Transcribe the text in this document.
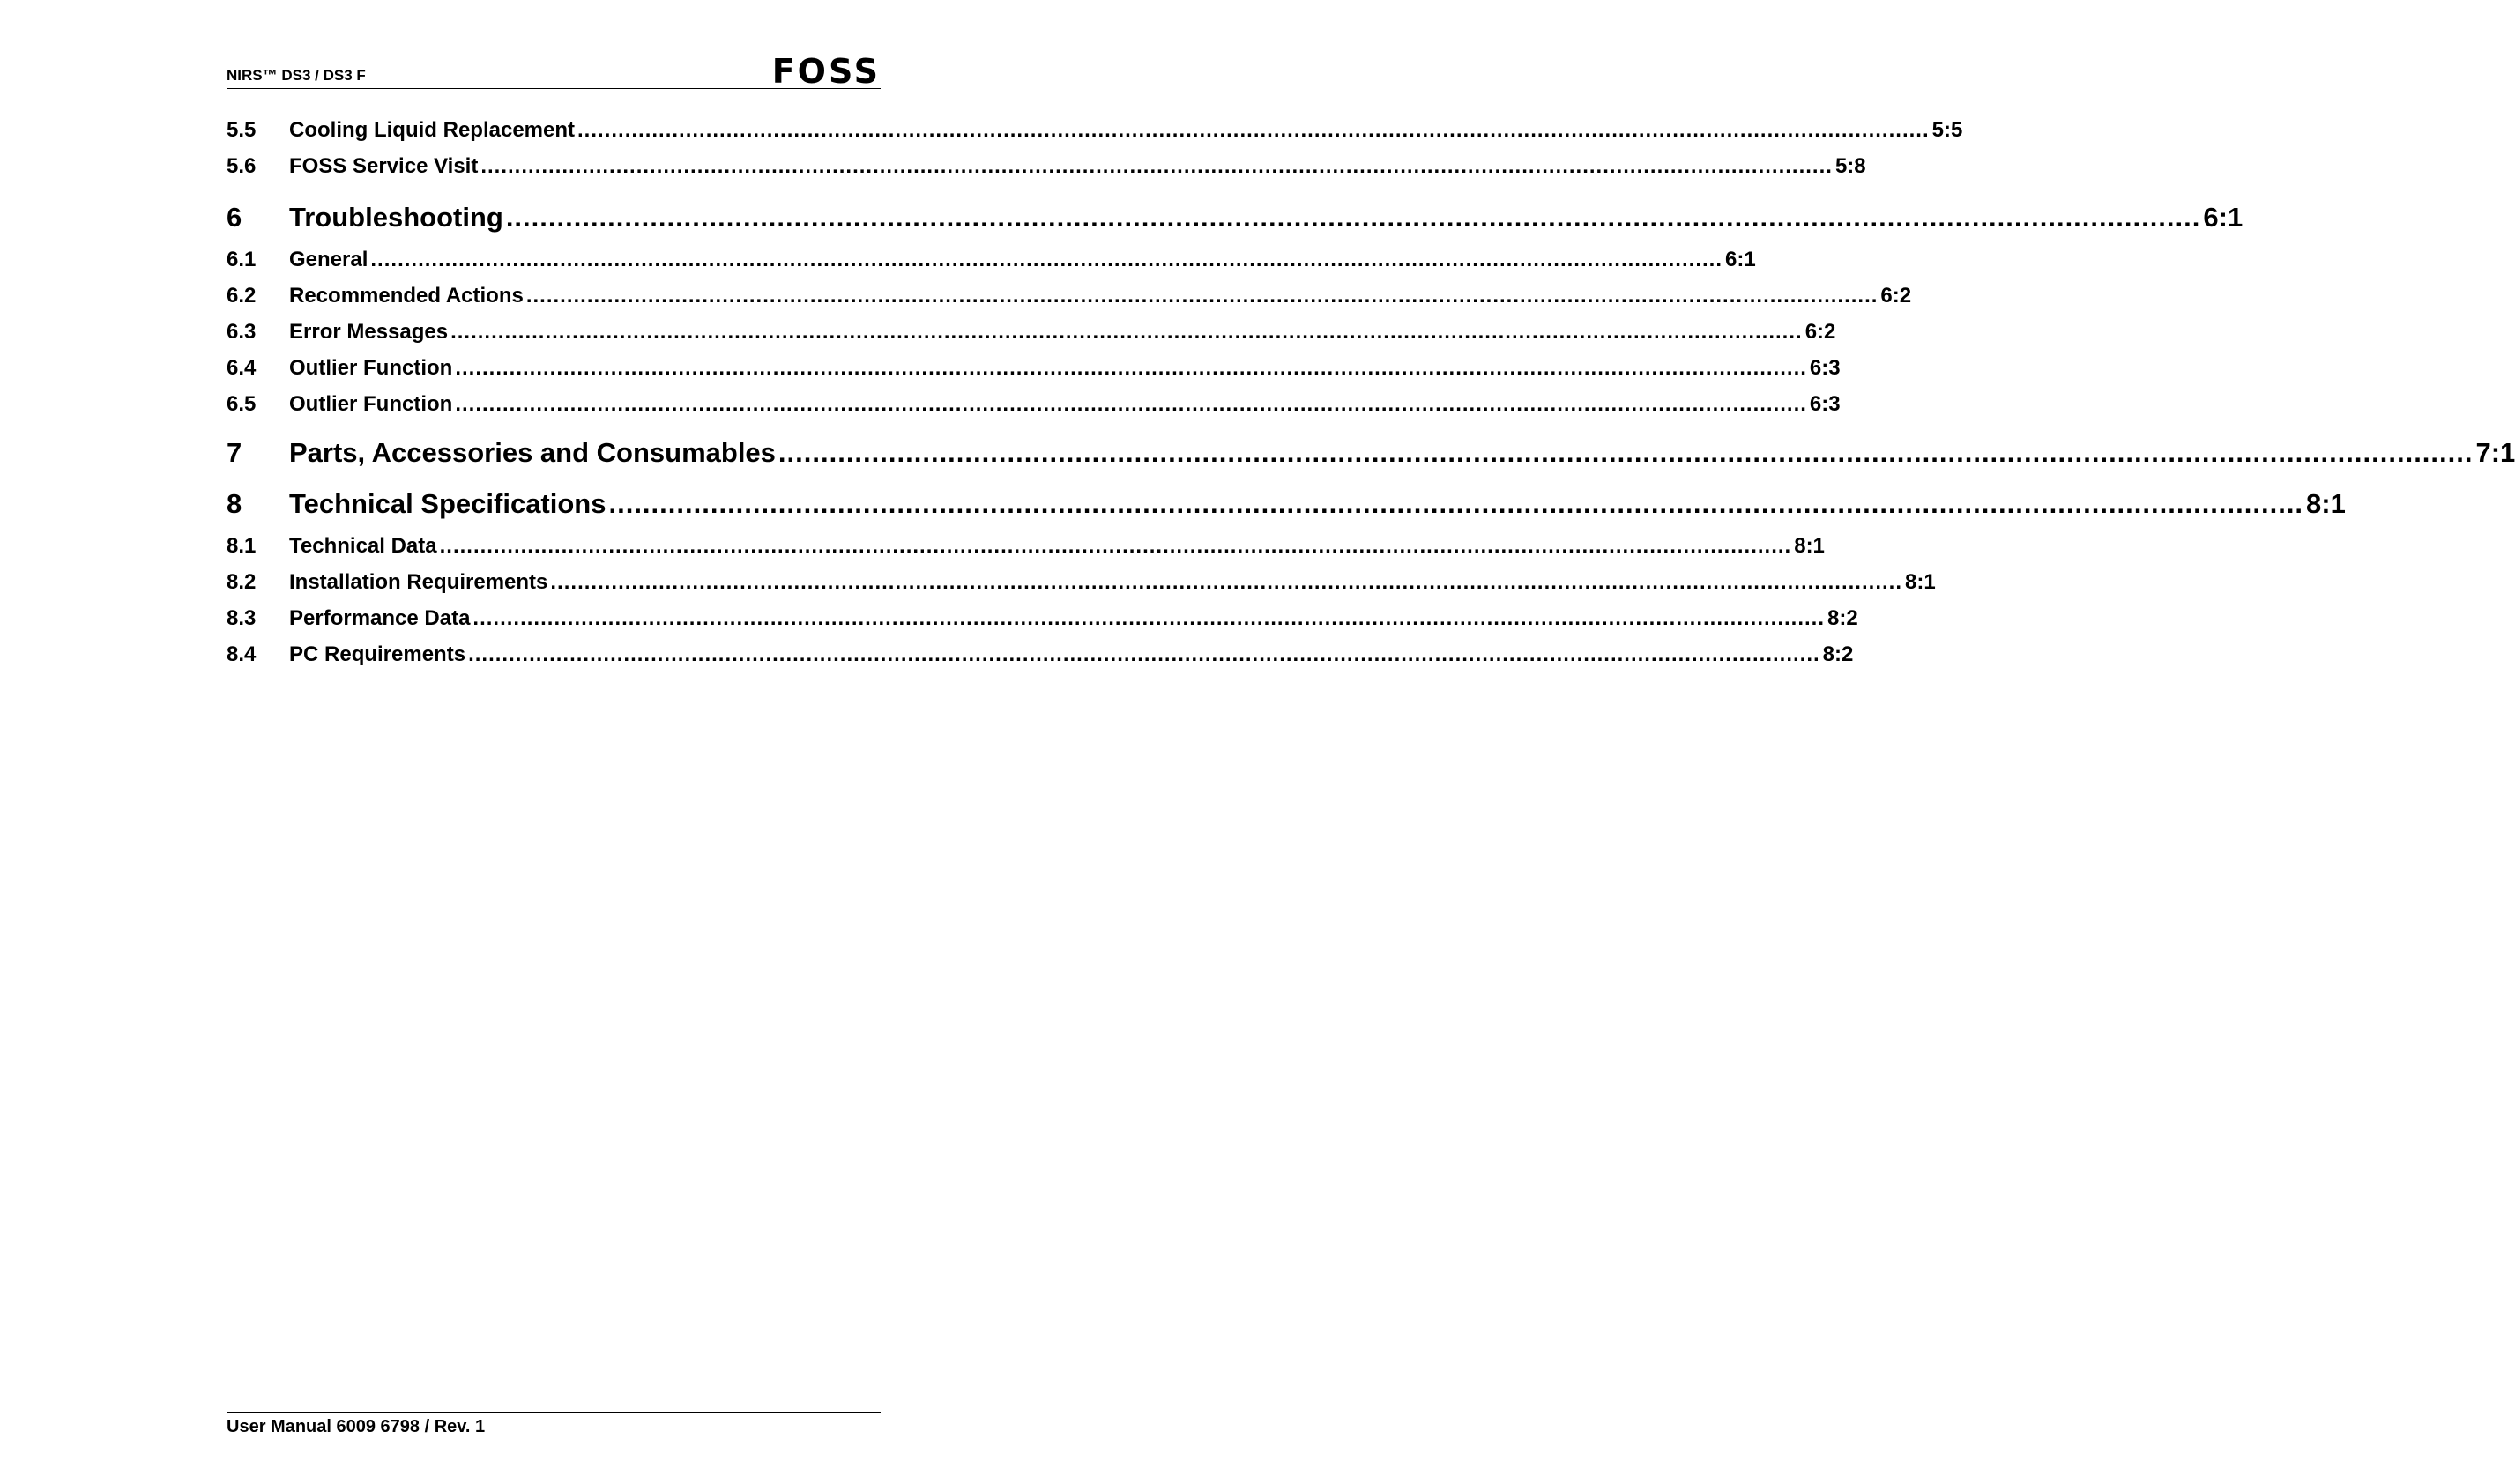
NIRS™ DS3 / DS3 F	FOSS
5.5	Cooling Liquid Replacement ........................................................................................................................................................................................................ 5:5
5.6	FOSS Service Visit ........................................................................................................................................................................................................ 5:8
6	Troubleshooting ........................................................................................................................................................................................................ 6:1
6.1	General ........................................................................................................................................................................................................ 6:1
6.2	Recommended Actions ........................................................................................................................................................................................................ 6:2
6.3	Error Messages ........................................................................................................................................................................................................ 6:2
6.4	Outlier Function ........................................................................................................................................................................................................ 6:3
6.5	Outlier Function ........................................................................................................................................................................................................ 6:3
7	Parts, Accessories and Consumables ........................................................................................................................................................................................................ 7:1
8	Technical Specifications ........................................................................................................................................................................................................ 8:1
8.1	Technical Data ........................................................................................................................................................................................................ 8:1
8.2	Installation Requirements ........................................................................................................................................................................................................ 8:1
8.3	Performance Data ........................................................................................................................................................................................................ 8:2
8.4	PC Requirements ........................................................................................................................................................................................................ 8:2
User Manual 6009 6798 / Rev. 1
